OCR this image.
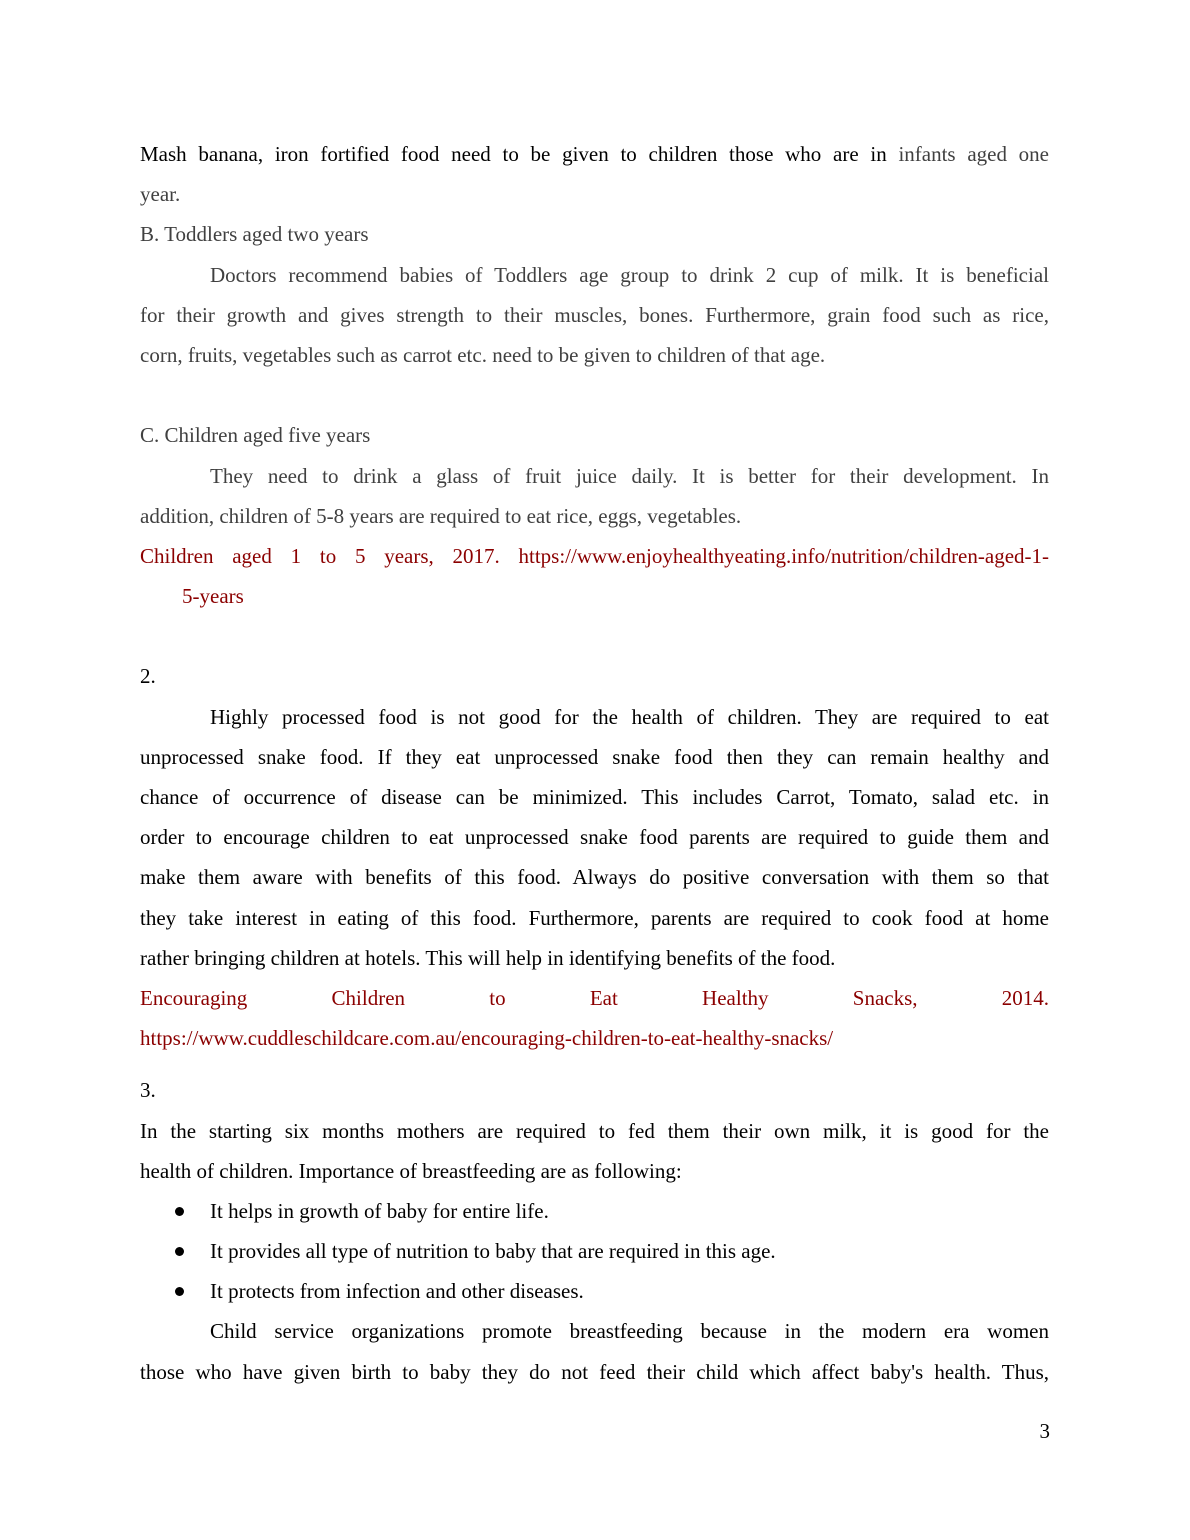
Mash banana, iron fortified food need to be given to children those who are in infants aged one
year.
B. Toddlers aged two years
Doctors recommend babies of Toddlers age group to drink 2 cup of milk. It is beneficial
for their growth and gives strength to their muscles, bones. Furthermore, grain food such as rice,
corn, fruits, vegetables such as carrot etc. need to be given to children of that age.
C. Children aged five years
They need to drink a glass of fruit juice daily. It is better for their development. In
addition, children of 5-8 years are required to eat rice, eggs, vegetables.
Children aged 1 to 5 years, 2017. https://www.enjoyhealthyeating.info/nutrition/children-aged-1-
5-years
2.
Highly processed food is not good for the health of children. They are required to eat
unprocessed snake food. If they eat unprocessed snake food then they can remain healthy and
chance of occurrence of disease can be minimized. This includes Carrot, Tomato, salad etc. in
order to encourage children to eat unprocessed snake food parents are required to guide them and
make them aware with benefits of this food. Always do positive conversation with them so that
they take interest in eating of this food. Furthermore, parents are required to cook food at home
rather bringing children at hotels. This will help in identifying benefits of the food.
Encouraging Children to Eat Healthy Snacks, 2014.
https://www.cuddleschildcare.com.au/encouraging-children-to-eat-healthy-snacks/
3.
In the starting six months mothers are required to fed them their own milk, it is good for the
health of children. Importance of breastfeeding are as following:
It helps in growth of baby for entire life.
It provides all type of nutrition to baby that are required in this age.
It protects from infection and other diseases.
Child service organizations promote breastfeeding because in the modern era women
those who have given birth to baby they do not feed their child which affect baby's health. Thus,
3
